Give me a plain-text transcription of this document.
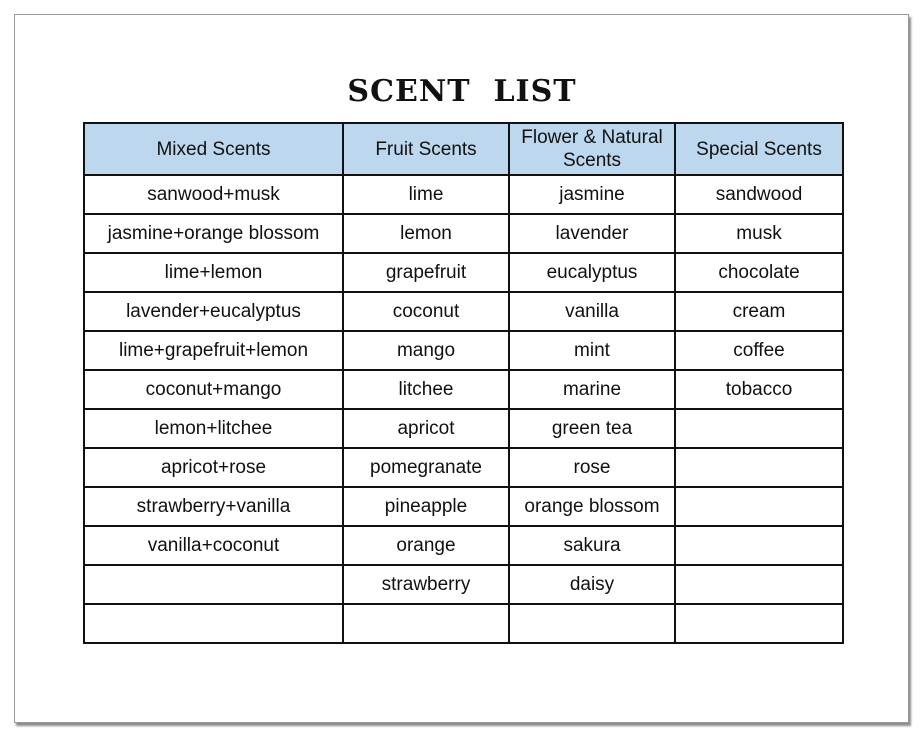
SCENT  LIST
Mixed Scents	Fruit Scents	Flower & Natural Scents	Special Scents
sanwood+musk	lime	jasmine	sandwood
jasmine+orange blossom	lemon	lavender	musk
lime+lemon	grapefruit	eucalyptus	chocolate
lavender+eucalyptus	coconut	vanilla	cream
lime+grapefruit+lemon	mango	mint	coffee
coconut+mango	litchee	marine	tobacco
lemon+litchee	apricot	green tea	
apricot+rose	pomegranate	rose	
strawberry+vanilla	pineapple	orange blossom	
vanilla+coconut	orange	sakura	
	strawberry	daisy	
